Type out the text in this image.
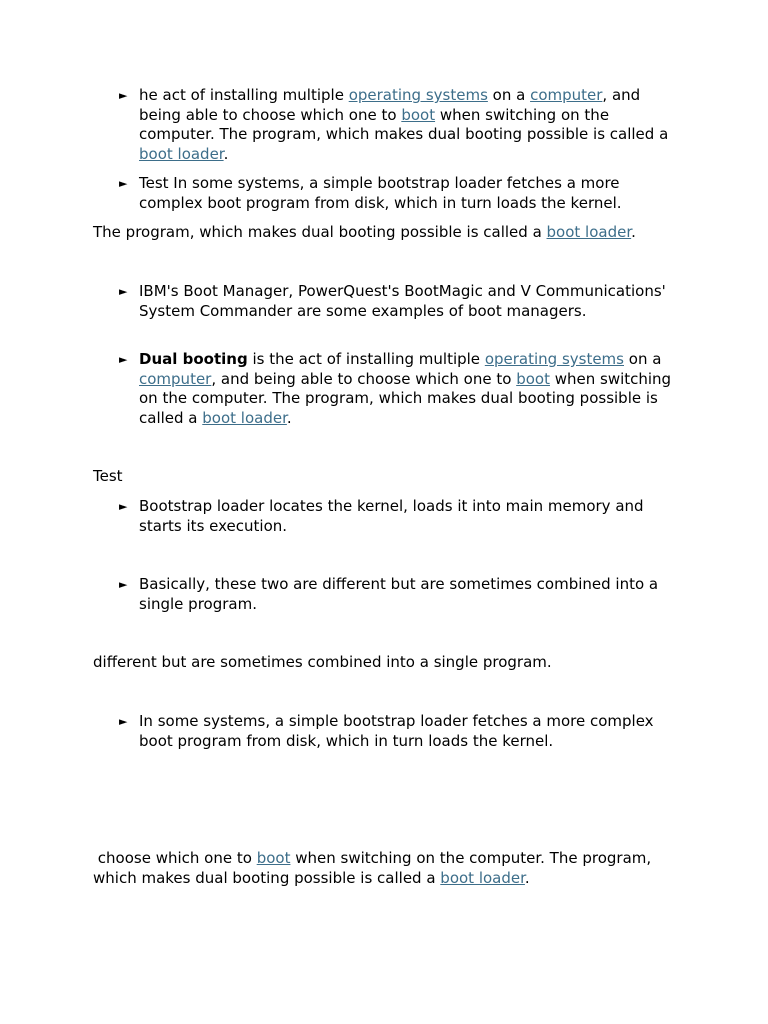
► he act of installing multiple operating systems on a computer, and being able to choose which one to boot when switching on the computer. The program, which makes dual booting possible is called a boot loader.
► Test In some systems, a simple bootstrap loader fetches a more complex boot program from disk, which in turn loads the kernel.

The program, which makes dual booting possible is called a boot loader.

► IBM's Boot Manager, PowerQuest's BootMagic and V Communications' System Commander are some examples of boot managers.
► Dual booting is the act of installing multiple operating systems on a computer, and being able to choose which one to boot when switching on the computer. The program, which makes dual booting possible is called a boot loader.

Test

► Bootstrap loader locates the kernel, loads it into main memory and starts its execution.
► Basically, these two are different but are sometimes combined into a single program.

different but are sometimes combined into a single program.

► In some systems, a simple bootstrap loader fetches a more complex boot program from disk, which in turn loads the kernel.

choose which one to boot when switching on the computer. The program, which makes dual booting possible is called a boot loader.
